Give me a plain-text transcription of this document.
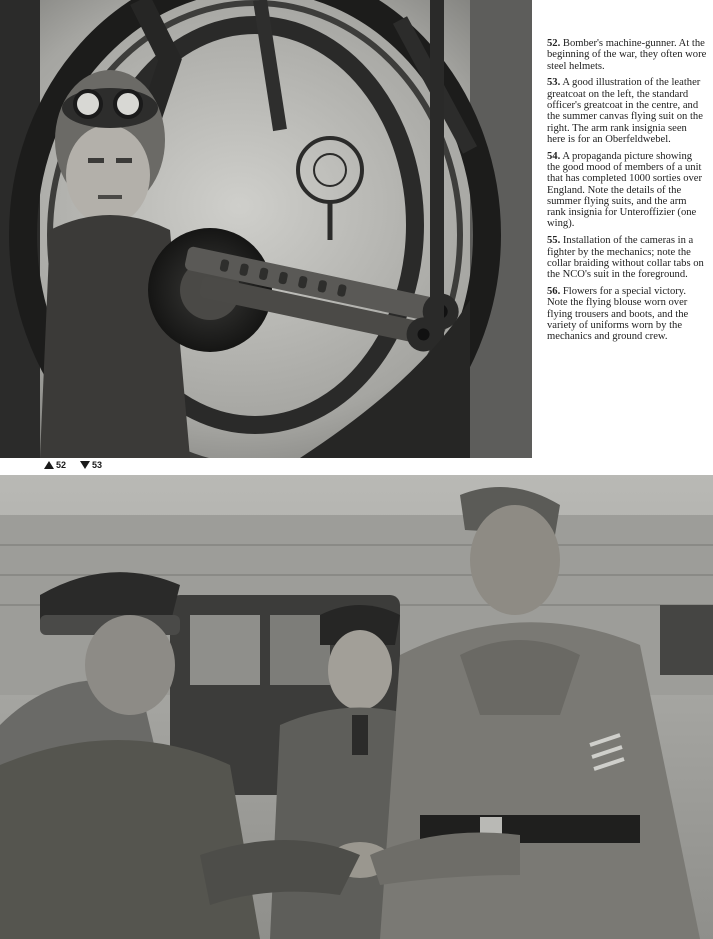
52. Bomber's machine-gunner. At the beginning of the war, they often wore steel helmets.

53. A good illustration of the leather greatcoat on the left, the standard officer's greatcoat in the centre, and the summer canvas flying suit on the right. The arm rank insignia seen here is for an Oberfeldwebel.

54. A propaganda picture showing the good mood of members of a unit that has completed 1000 sorties over England. Note the details of the summer flying suits, and the arm rank insignia for Unteroffizier (one wing).

55. Installation of the cameras in a fighter by the mechanics; note the collar braiding without collar tabs on the NCO's suit in the foreground.

56. Flowers for a special victory. Note the flying blouse worn over flying trousers and boots, and the variety of uniforms worn by the mechanics and ground crew.

52	53
